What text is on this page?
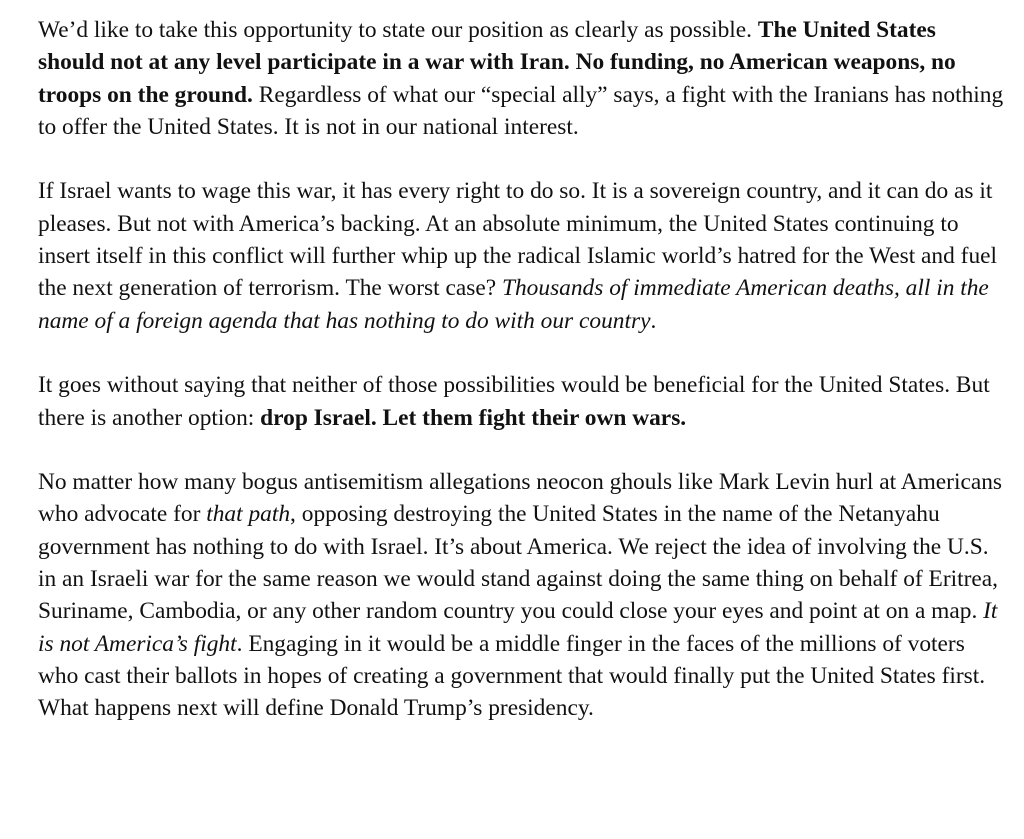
We’d like to take this opportunity to state our position as clearly as possible. The United States should not at any level participate in a war with Iran. No funding, no American weapons, no troops on the ground. Regardless of what our “special ally” says, a fight with the Iranians has nothing to offer the United States. It is not in our national interest.

If Israel wants to wage this war, it has every right to do so. It is a sovereign country, and it can do as it pleases. But not with America’s backing. At an absolute minimum, the United States continuing to insert itself in this conflict will further whip up the radical Islamic world’s hatred for the West and fuel the next generation of terrorism. The worst case? Thousands of immediate American deaths, all in the name of a foreign agenda that has nothing to do with our country.

It goes without saying that neither of those possibilities would be beneficial for the United States. But there is another option: drop Israel. Let them fight their own wars.

No matter how many bogus antisemitism allegations neocon ghouls like Mark Levin hurl at Americans who advocate for that path, opposing destroying the United States in the name of the Netanyahu government has nothing to do with Israel. It’s about America. We reject the idea of involving the U.S. in an Israeli war for the same reason we would stand against doing the same thing on behalf of Eritrea, Suriname, Cambodia, or any other random country you could close your eyes and point at on a map. It is not America’s fight. Engaging in it would be a middle finger in the faces of the millions of voters who cast their ballots in hopes of creating a government that would finally put the United States first. What happens next will define Donald Trump’s presidency.
